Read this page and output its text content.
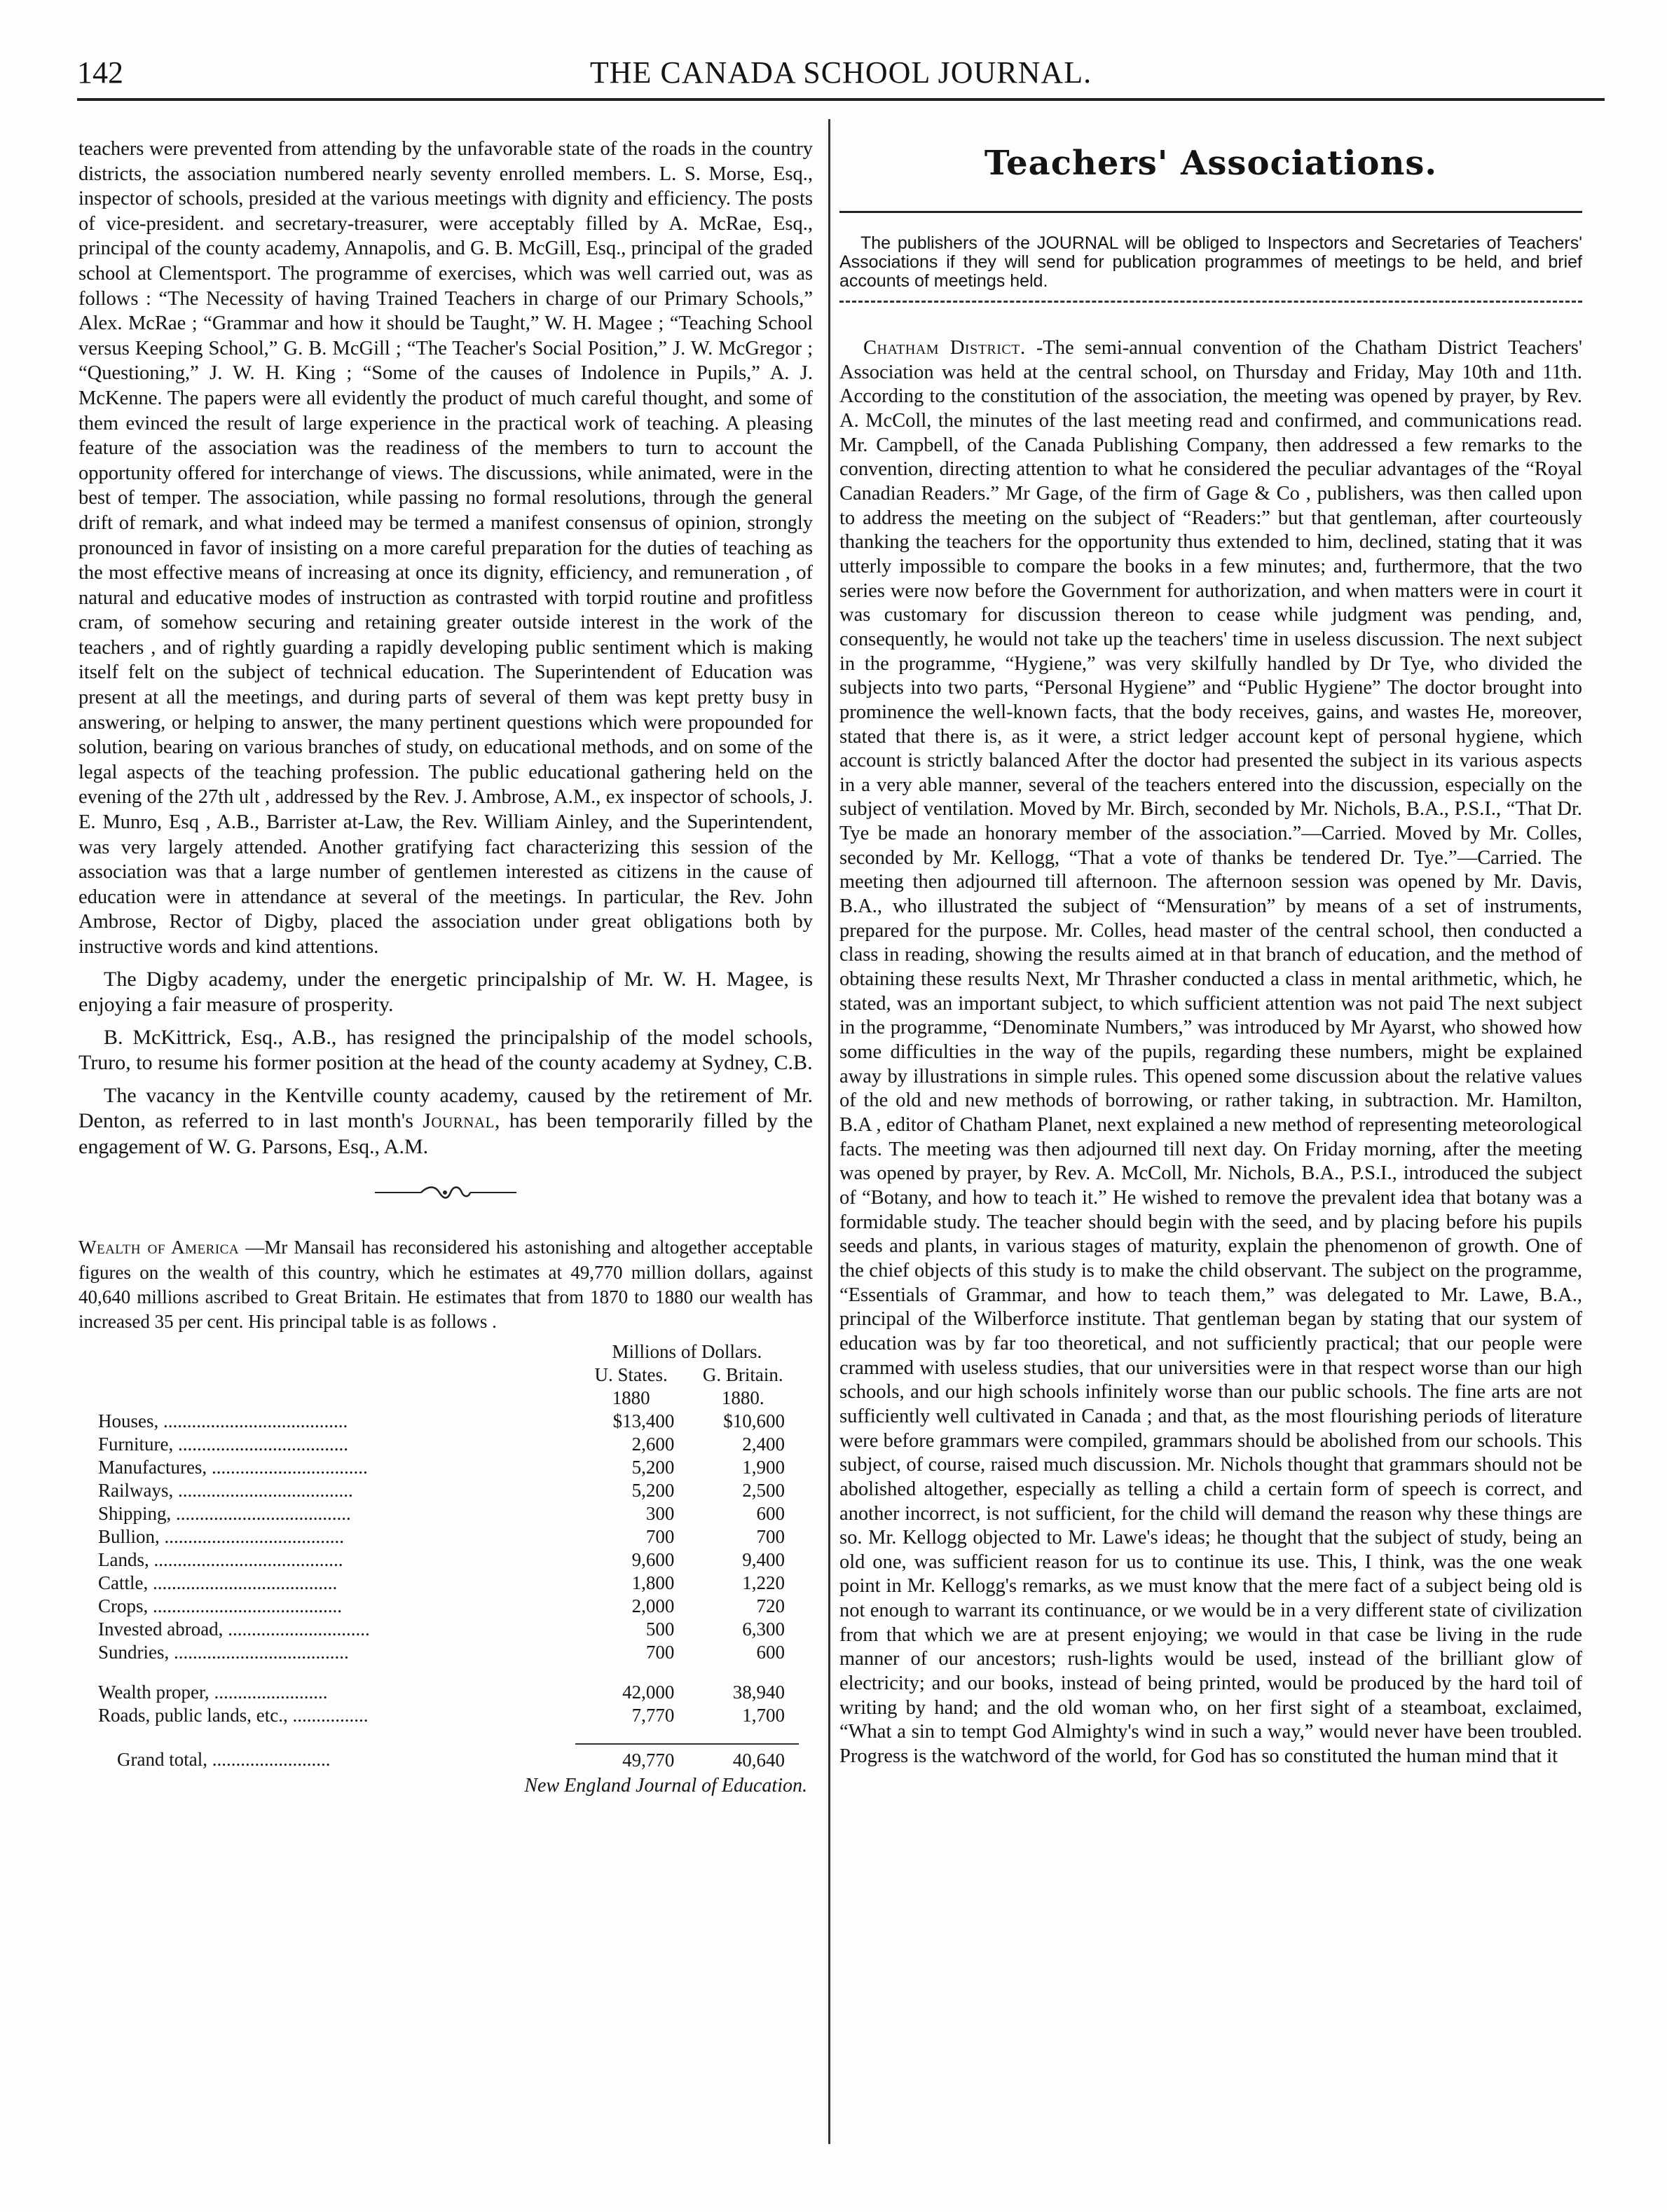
142	THE CANADA SCHOOL JOURNAL.

teachers were prevented from attending by the unfavorable state of the roads in the country districts, the association numbered nearly seventy enrolled members. L. S. Morse, Esq., inspector of schools, presided at the various meetings with dignity and efficiency. The posts of vice-president. and secretary-treasurer, were acceptably filled by A. McRae, Esq., principal of the county academy, Annapolis, and G. B. McGill, Esq., principal of the graded school at Clementsport. The programme of exercises, which was well carried out, was as follows : “The Necessity of having Trained Teachers in charge of our Primary Schools,” Alex. McRae ; “Grammar and how it should be Taught,” W. H. Magee ; “Teaching School versus Keeping School,” G. B. McGill ; “The Teacher's Social Position,” J. W. McGregor ; “Questioning,” J. W. H. King ; “Some of the causes of Indolence in Pupils,” A. J. McKenne. The papers were all evidently the product of much careful thought, and some of them evinced the result of large experience in the practical work of teaching. A pleasing feature of the association was the readiness of the members to turn to account the opportunity offered for interchange of views. The discussions, while animated, were in the best of temper. The association, while passing no formal resolutions, through the general drift of remark, and what indeed may be termed a manifest consensus of opinion, strongly pronounced in favor of insisting on a more careful preparation for the duties of teaching as the most effective means of increasing at once its dignity, efficiency, and remuneration , of natural and educative modes of instruction as contrasted with torpid routine and profitless cram, of somehow securing and retaining greater outside interest in the work of the teachers , and of rightly guarding a rapidly developing public sentiment which is making itself felt on the subject of technical education. The Superintendent of Education was present at all the meetings, and during parts of several of them was kept pretty busy in answering, or helping to answer, the many pertinent questions which were propounded for solution, bearing on various branches of study, on educational methods, and on some of the legal aspects of the teaching profession. The public educational gathering held on the evening of the 27th ult , addressed by the Rev. J. Ambrose, A.M., ex inspector of schools, J. E. Munro, Esq , A.B., Barrister at-Law, the Rev. William Ainley, and the Superintendent, was very largely attended. Another gratifying fact characterizing this session of the association was that a large number of gentlemen interested as citizens in the cause of education were in attendance at several of the meetings. In particular, the Rev. John Ambrose, Rector of Digby, placed the association under great obligations both by instructive words and kind attentions.

The Digby academy, under the energetic principalship of Mr. W. H. Magee, is enjoying a fair measure of prosperity.

B. McKittrick, Esq., A.B., has resigned the principalship of the model schools, Truro, to resume his former position at the head of the county academy at Sydney, C.B.

The vacancy in the Kentville county academy, caused by the retirement of Mr. Denton, as referred to in last month's Journal, has been temporarily filled by the engagement of W. G. Parsons, Esq., A.M.

Wealth of America —Mr Mansail has reconsidered his astonishing and altogether acceptable figures on the wealth of this country, which he estimates at 49,770 million dollars, against 40,640 millions ascribed to Great Britain. He estimates that from 1870 to 1880 our wealth has increased 35 per cent. His principal table is as follows .

	Millions of Dollars.	
	U. States.	G. Britain.
	1880	1880.
Houses, .......................................	$13,400	$10,600
Furniture, ....................................	2,600	2,400
Manufactures, .................................	5,200	1,900
Railways, .....................................	5,200	2,500
Shipping, .....................................	300	600
Bullion, ......................................	700	700
Lands, ........................................	9,600	9,400
Cattle, .......................................	1,800	1,220
Crops, ........................................	2,000	720
Invested abroad, ..............................	500	6,300
Sundries, .....................................	700	600

Wealth proper, ........................	42,000	38,940
Roads, public lands, etc., ................	7,770	1,700

Grand total, .........................	49,770	40,640
New England Journal of Education.
Teachers' Associations.

The publishers of the JOURNAL will be obliged to Inspectors and Secretaries of Teachers' Associations if they will send for publication programmes of meetings to be held, and brief accounts of meetings held.

Chatham District. -The semi-annual convention of the Chatham District Teachers' Association was held at the central school, on Thursday and Friday, May 10th and 11th. According to the constitution of the association, the meeting was opened by prayer, by Rev. A. McColl, the minutes of the last meeting read and confirmed, and communications read. Mr. Campbell, of the Canada Publishing Company, then addressed a few remarks to the convention, directing attention to what he considered the peculiar advantages of the “Royal Canadian Readers.” Mr Gage, of the firm of Gage & Co , publishers, was then called upon to address the meeting on the subject of “Readers:” but that gentleman, after courteously thanking the teachers for the opportunity thus extended to him, declined, stating that it was utterly impossible to compare the books in a few minutes; and, furthermore, that the two series were now before the Government for authorization, and when matters were in court it was customary for discussion thereon to cease while judgment was pending, and, consequently, he would not take up the teachers' time in useless discussion. The next subject in the programme, “Hygiene,” was very skilfully handled by Dr Tye, who divided the subjects into two parts, “Personal Hygiene” and “Public Hygiene” The doctor brought into prominence the well-known facts, that the body receives, gains, and wastes He, moreover, stated that there is, as it were, a strict ledger account kept of personal hygiene, which account is strictly balanced After the doctor had presented the subject in its various aspects in a very able manner, several of the teachers entered into the discussion, especially on the subject of ventilation. Moved by Mr. Birch, seconded by Mr. Nichols, B.A., P.S.I., “That Dr. Tye be made an honorary member of the association.”—Carried. Moved by Mr. Colles, seconded by Mr. Kellogg, “That a vote of thanks be tendered Dr. Tye.”—Carried. The meeting then adjourned till afternoon. The afternoon session was opened by Mr. Davis, B.A., who illustrated the subject of “Mensuration” by means of a set of instruments, prepared for the purpose. Mr. Colles, head master of the central school, then conducted a class in reading, showing the results aimed at in that branch of education, and the method of obtaining these results Next, Mr Thrasher conducted a class in mental arithmetic, which, he stated, was an important subject, to which sufficient attention was not paid The next subject in the programme, “Denominate Numbers,” was introduced by Mr Ayarst, who showed how some difficulties in the way of the pupils, regarding these numbers, might be explained away by illustrations in simple rules. This opened some discussion about the relative values of the old and new methods of borrowing, or rather taking, in subtraction. Mr. Hamilton, B.A , editor of Chatham Planet, next explained a new method of representing meteorological facts. The meeting was then adjourned till next day. On Friday morning, after the meeting was opened by prayer, by Rev. A. McColl, Mr. Nichols, B.A., P.S.I., introduced the subject of “Botany, and how to teach it.” He wished to remove the prevalent idea that botany was a formidable study. The teacher should begin with the seed, and by placing before his pupils seeds and plants, in various stages of maturity, explain the phenomenon of growth. One of the chief objects of this study is to make the child observant. The subject on the programme, “Essentials of Grammar, and how to teach them,” was delegated to Mr. Lawe, B.A., principal of the Wilberforce institute. That gentleman began by stating that our system of education was by far too theoretical, and not sufficiently practical; that our people were crammed with useless studies, that our universities were in that respect worse than our high schools, and our high schools infinitely worse than our public schools. The fine arts are not sufficiently well cultivated in Canada ; and that, as the most flourishing periods of literature were before grammars were compiled, grammars should be abolished from our schools. This subject, of course, raised much discussion. Mr. Nichols thought that grammars should not be abolished altogether, especially as telling a child a certain form of speech is correct, and another incorrect, is not sufficient, for the child will demand the reason why these things are so. Mr. Kellogg objected to Mr. Lawe's ideas; he thought that the subject of study, being an old one, was sufficient reason for us to continue its use. This, I think, was the one weak point in Mr. Kellogg's remarks, as we must know that the mere fact of a subject being old is not enough to warrant its continuance, or we would be in a very different state of civilization from that which we are at present enjoying; we would in that case be living in the rude manner of our ancestors; rush-lights would be used, instead of the brilliant glow of electricity; and our books, instead of being printed, would be produced by the hard toil of writing by hand; and the old woman who, on her first sight of a steamboat, exclaimed, “What a sin to tempt God Almighty's wind in such a way,” would never have been troubled. Progress is the watchword of the world, for God has so constituted the human mind that it
